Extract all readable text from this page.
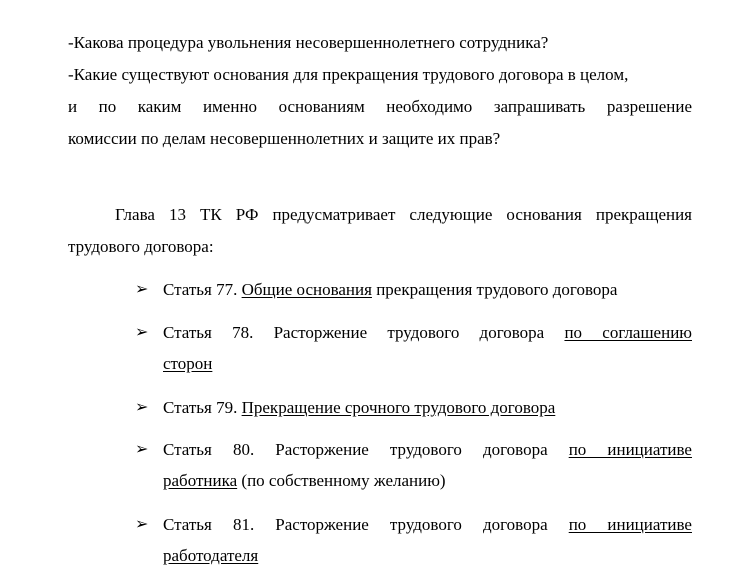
-Какова процедура увольнения несовершеннолетнего сотрудника?
-Какие существуют основания для прекращения трудового договора в целом,
и по каким именно основаниям необходимо запрашивать разрешение
комиссии по делам несовершеннолетних и защите их прав?
Глава 13 ТК РФ предусматривает следующие основания прекращения
трудового договора:
➢ Статья 77. Общие основания прекращения трудового договора
➢ Статья 78. Расторжение трудового договора по соглашению
сторон
➢ Статья 79. Прекращение срочного трудового договора
➢ Статья 80. Расторжение трудового договора по инициативе
работника (по собственному желанию)
➢ Статья 81. Расторжение трудового договора по инициативе
работодателя
